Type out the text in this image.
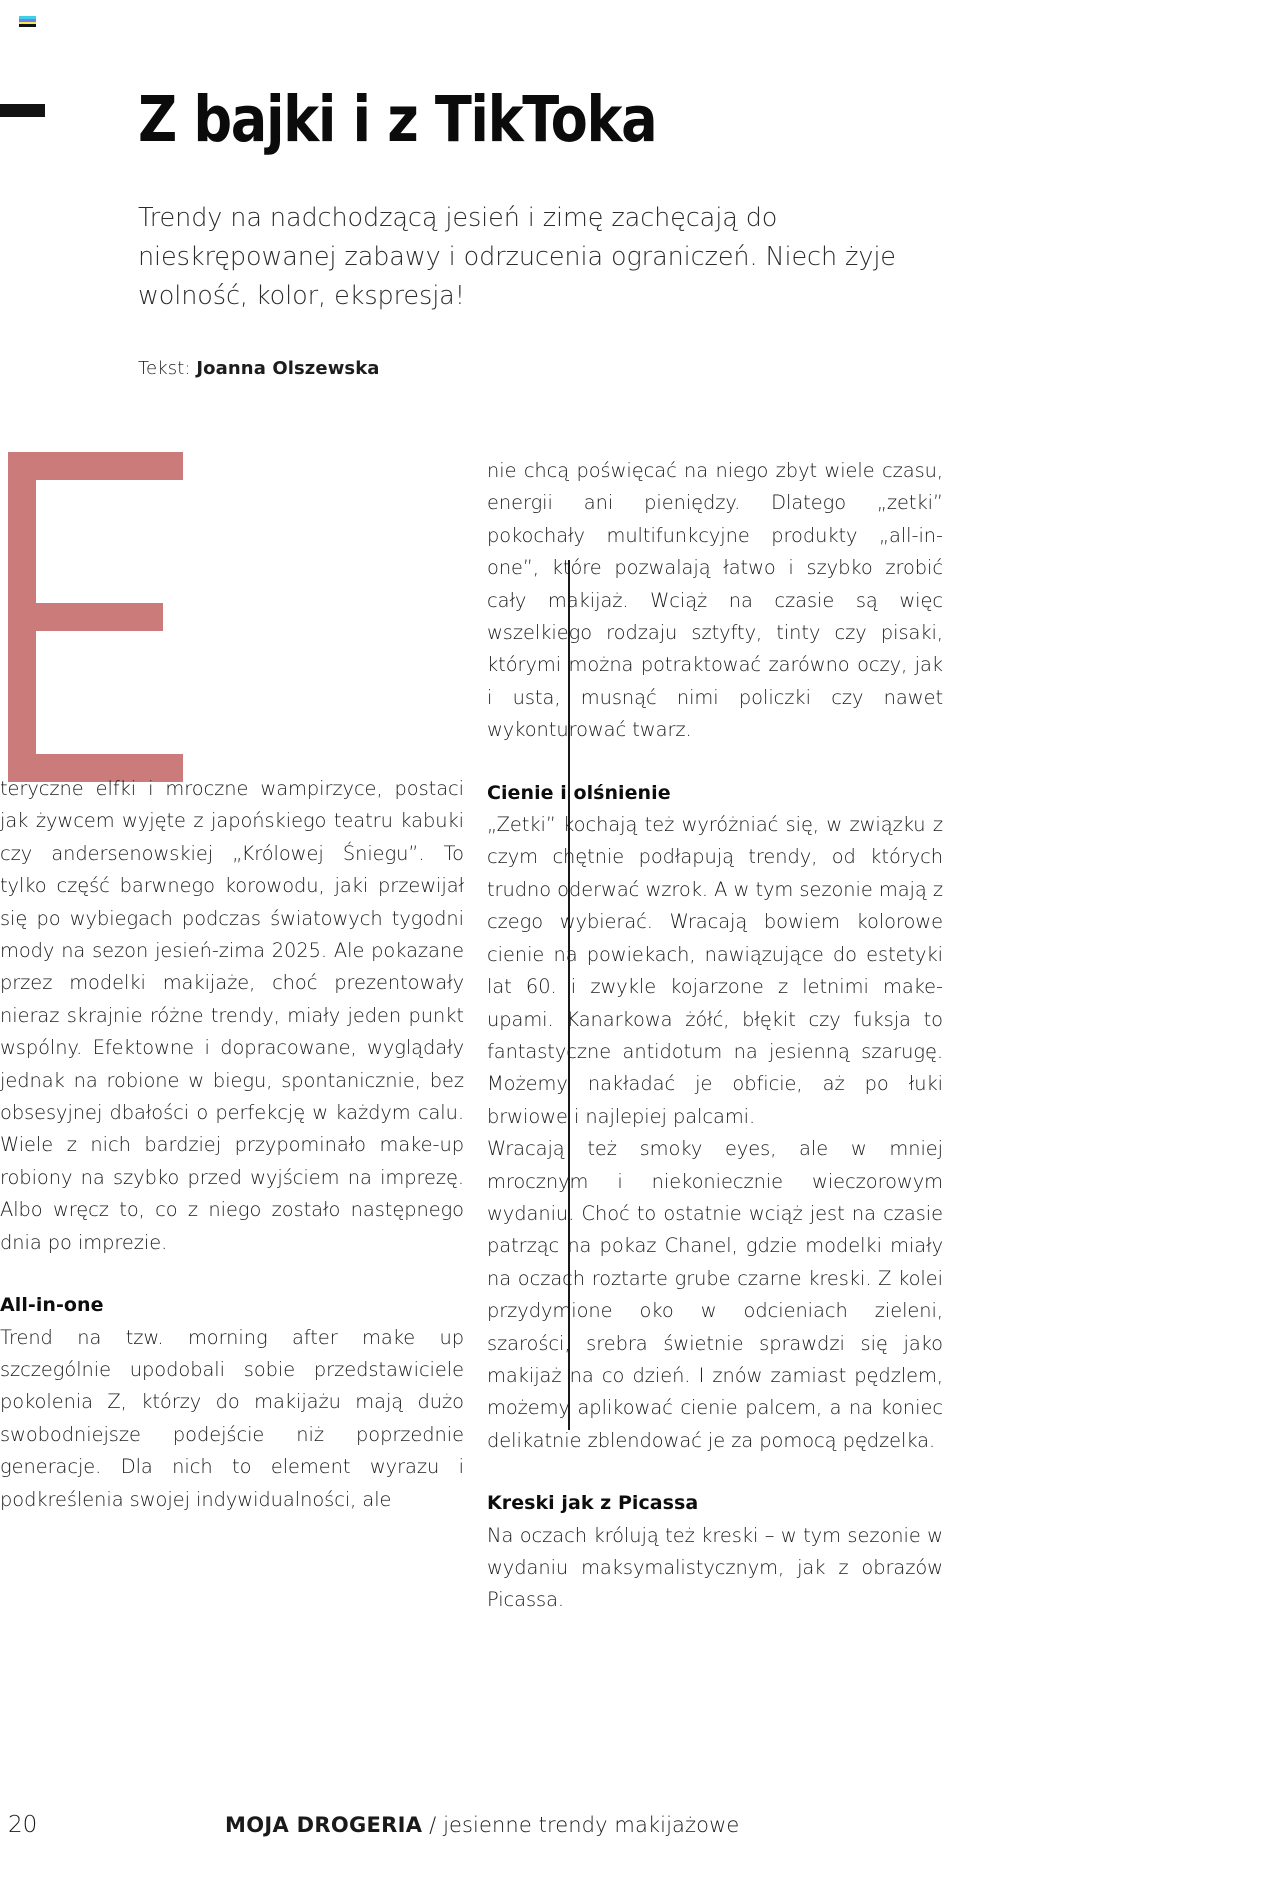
Z bajki i z TikToka

Trendy na nadchodzącą jesień i zimę zachęcają do nieskrępowanej zabawy i odrzucenia ograniczeń. Niech żyje wolność, kolor, ekspresja!

Tekst: Joanna Olszewska

teryczne elfki i mroczne wampirzyce, postaci jak żywcem wyjęte z japońskiego teatru kabuki czy andersenowskiej „Królowej Śniegu”. To tylko część barwnego korowodu, jaki przewijał się po wybiegach podczas światowych tygodni mody na sezon jesień-zima 2025. Ale pokazane przez modelki makijaże, choć prezentowały nieraz skrajnie różne trendy, miały jeden punkt wspólny. Efektowne i dopracowane, wyglądały jednak na robione w biegu, spontanicznie, bez obsesyjnej dbałości o perfekcję w każdym calu. Wiele z nich bardziej przypominało make-up robiony na szybko przed wyjściem na imprezę. Albo wręcz to, co z niego zostało następnego dnia po imprezie.

All-in-one

Trend na tzw. morning after make up szczególnie upodobali sobie przedstawiciele pokolenia Z, którzy do makijażu mają dużo swobodniejsze podejście niż poprzednie generacje. Dla nich to element wyrazu i podkreślenia swojej indywidualności, ale

nie chcą poświęcać na niego zbyt wiele czasu, energii ani pieniędzy. Dlatego „zetki” pokochały multifunkcyjne produkty „all-in-one”, które pozwalają łatwo i szybko zrobić cały makijaż. Wciąż na czasie są więc wszelkiego rodzaju sztyfty, tinty czy pisaki, którymi można potraktować zarówno oczy, jak i usta, musnąć nimi policzki czy nawet wykonturować twarz.

Cienie i olśnienie

„Zetki” kochają też wyróżniać się, w związku z czym chętnie podłapują trendy, od których trudno oderwać wzrok. A w tym sezonie mają z czego wybierać. Wracają bowiem kolorowe cienie na powiekach, nawiązujące do estetyki lat 60. i zwykle kojarzone z letnimi make-upami. Kanarkowa żółć, błękit czy fuksja to fantastyczne antidotum na jesienną szarugę. Możemy nakładać je obficie, aż po łuki brwiowe i najlepiej palcami.

Wracają też smoky eyes, ale w mniej mrocznym i niekoniecznie wieczorowym wydaniu. Choć to ostatnie wciąż jest na czasie patrząc na pokaz Chanel, gdzie modelki miały na oczach roztarte grube czarne kreski. Z kolei przydymione oko w odcieniach zieleni, szarości, srebra świetnie sprawdzi się jako makijaż na co dzień. I znów zamiast pędzlem, możemy aplikować cienie palcem, a na koniec delikatnie zblendować je za pomocą pędzelka.

Kreski jak z Picassa

Na oczach królują też kreski – w tym sezonie w wydaniu maksymalistycznym, jak z obrazów Picassa.

20	MOJA DROGERIA / jesienne trendy makijażowe
